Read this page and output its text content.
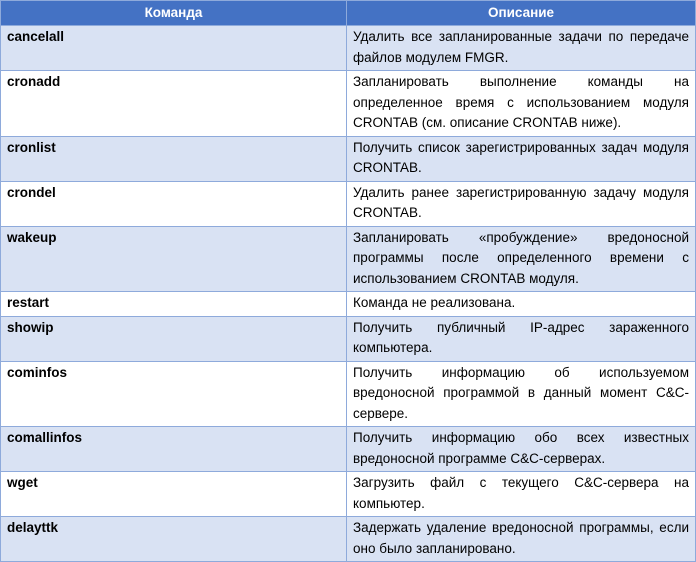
Команда	Описание
cancelall	Удалить все запланированные задачи по передаче файлов модулем FMGR.
cronadd	Запланировать выполнение команды на определенное время с использованием модуля CRONTAB (см. описание CRONTAB ниже).
cronlist	Получить список зарегистрированных задач модуля CRONTAB.
crondel	Удалить ранее зарегистрированную задачу модуля CRONTAB.
wakeup	Запланировать «пробуждение» вредоносной программы после определенного времени с использованием CRONTAB модуля.
restart	Команда не реализована.
showip	Получить публичный IP-адрес зараженного компьютера.
cominfos	Получить информацию об используемом вредоносной программой в данный момент C&C-сервере.
comallinfos	Получить информацию обо всех известных вредоносной программе C&C-серверах.
wget	Загрузить файл с текущего C&C-сервера на компьютер.
delayttk	Задержать удаление вредоносной программы, если оно было запланировано.
